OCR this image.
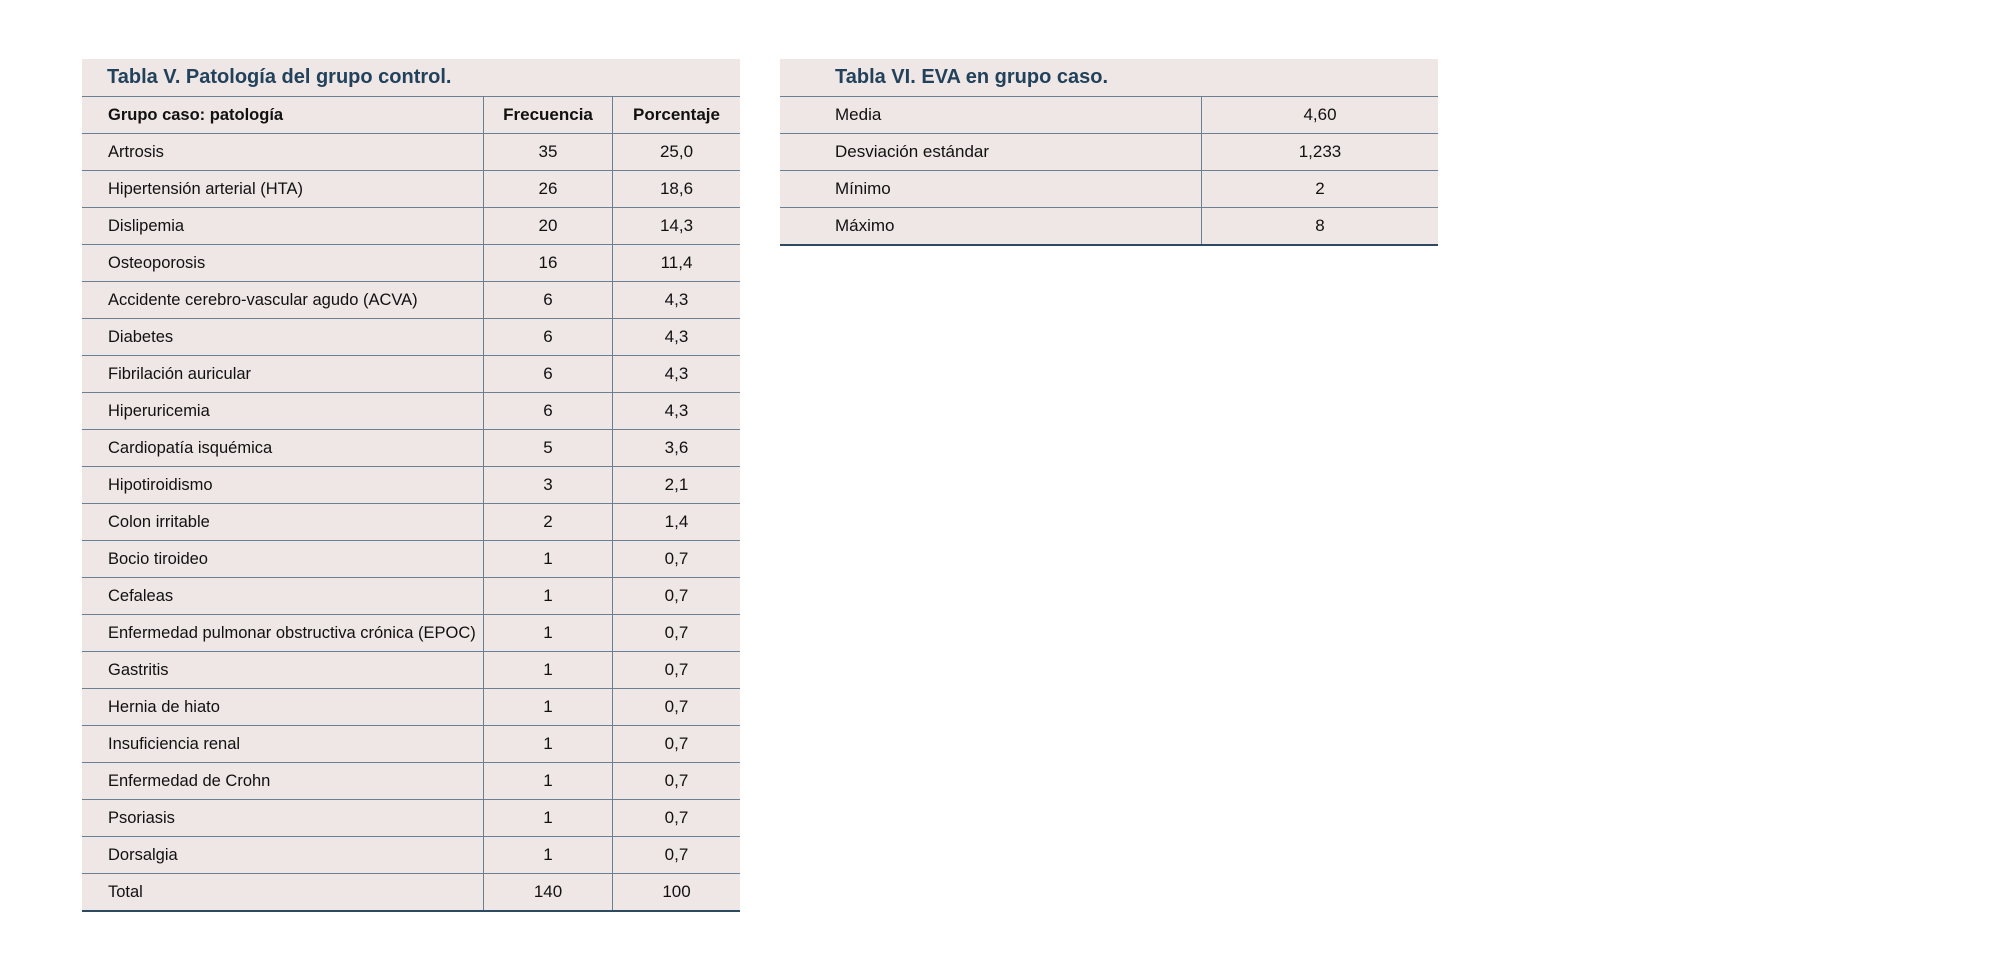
Tabla V. Patología del grupo control.
Grupo caso: patología	Frecuencia	Porcentaje
Artrosis	35	25,0
Hipertensión arterial (HTA)	26	18,6
Dislipemia	20	14,3
Osteoporosis	16	11,4
Accidente cerebro-vascular agudo (ACVA)	6	4,3
Diabetes	6	4,3
Fibrilación auricular	6	4,3
Hiperuricemia	6	4,3
Cardiopatía isquémica	5	3,6
Hipotiroidismo	3	2,1
Colon irritable	2	1,4
Bocio tiroideo	1	0,7
Cefaleas	1	0,7
Enfermedad pulmonar obstructiva crónica (EPOC)	1	0,7
Gastritis	1	0,7
Hernia de hiato	1	0,7
Insuficiencia renal	1	0,7
Enfermedad de Crohn	1	0,7
Psoriasis	1	0,7
Dorsalgia	1	0,7
Total	140	100
Tabla VI. EVA en grupo caso.
Media	4,60
Desviación estándar	1,233
Mínimo	2
Máximo	8
